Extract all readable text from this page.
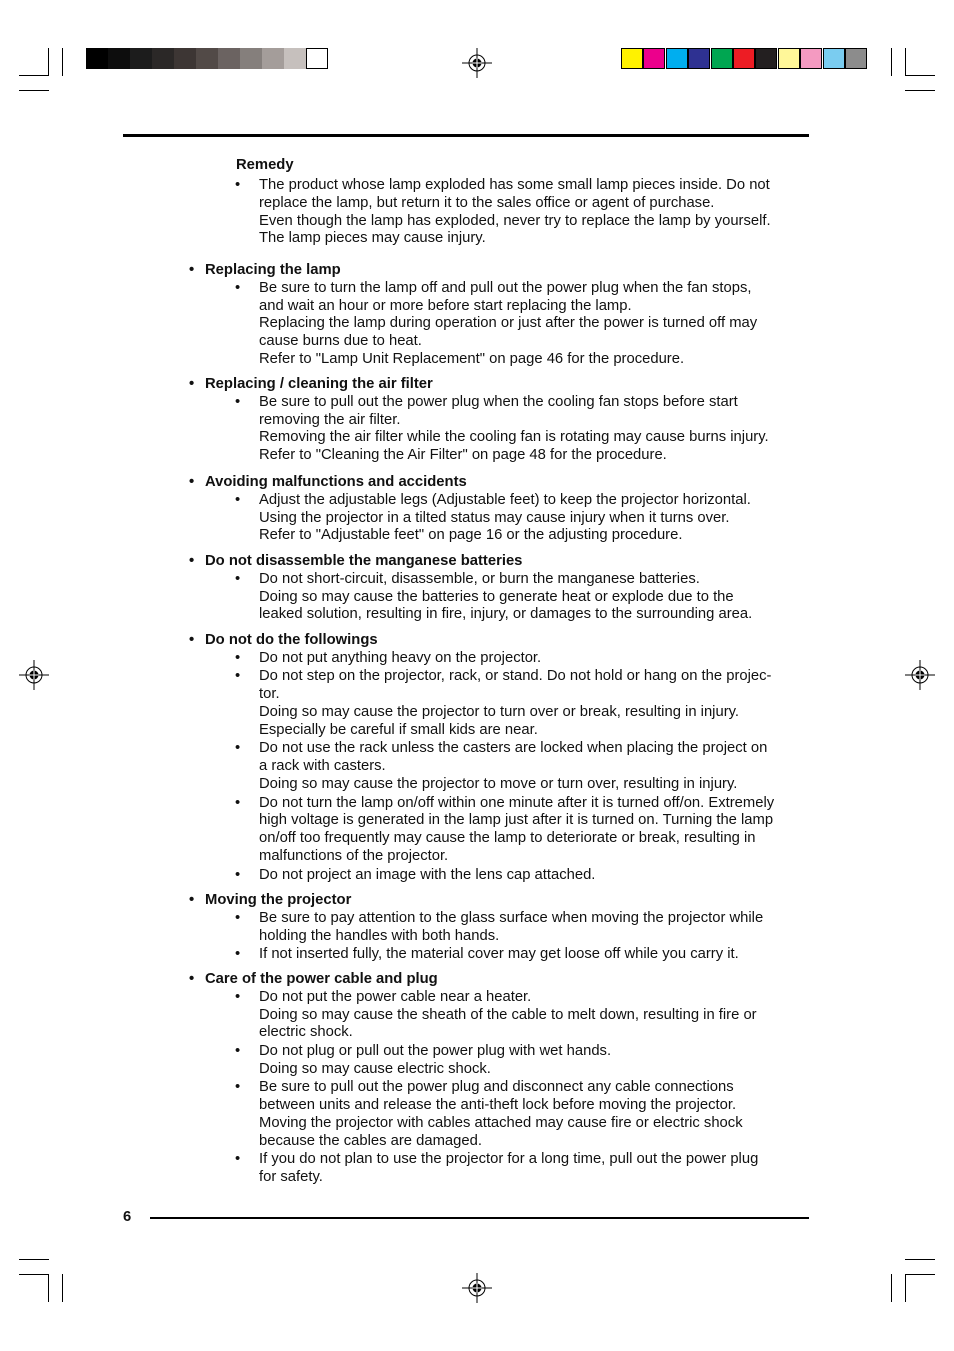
Remedy
• The product whose lamp exploded has some small lamp pieces inside. Do not

replace the lamp, but return it to the sales office or agent of purchase.

Even though the lamp has exploded, never try to replace the lamp by yourself.

The lamp pieces may cause injury.

• Replacing the lamp
• Be sure to turn the lamp off and pull out the power plug when the fan stops,

and wait an hour or more before start replacing the lamp.

Replacing the lamp during operation or just after the power is turned off may

cause burns due to heat.

Refer to "Lamp Unit Replacement" on page 46 for the procedure.

• Replacing / cleaning the air filter
• Be sure to pull out the power plug when the cooling fan stops before start

removing the air filter.

Removing the air filter while the cooling fan is rotating may cause burns injury.

Refer to "Cleaning the Air Filter" on page 48 for the procedure.

• Avoiding malfunctions and accidents
• Adjust the adjustable legs (Adjustable feet) to keep the projector horizontal.

Using the projector in a tilted status may cause injury when it turns over.

Refer to "Adjustable feet" on page 16 or the adjusting procedure.

• Do not disassemble the manganese batteries
• Do not short-circuit, disassemble, or burn the manganese batteries.

Doing so may cause the batteries to generate heat or explode due to the

leaked solution, resulting in fire, injury, or damages to the surrounding area.

• Do not do the followings
• Do not put anything heavy on the projector.

• Do not step on the projector, rack, or stand. Do not hold or hang on the projec-

tor.

Doing so may cause the projector to turn over or break, resulting in injury.

Especially be careful if small kids are near.

• Do not use the rack unless the casters are locked when placing the project on

a rack with casters.

Doing so may cause the projector to move or turn over, resulting in injury.

• Do not turn the lamp on/off within one minute after it is turned off/on. Extremely

high voltage is generated in the lamp just after it is turned on. Turning the lamp

on/off too frequently may cause the lamp to deteriorate or break, resulting in

malfunctions of the projector.

• Do not project an image with the lens cap attached.

• Moving the projector
• Be sure to pay attention to the glass surface when moving the projector while

holding the handles with both hands.

• If not inserted fully, the material cover may get loose off while you carry it.

• Care of the power cable and plug
• Do not put the power cable near a heater.

Doing so may cause the sheath of the cable to melt down, resulting in fire or

electric shock.

• Do not plug or pull out the power plug with wet hands.

Doing so may cause electric shock.

• Be sure to pull out the power plug and disconnect any cable connections

between units and release the anti-theft lock before moving the projector.

Moving the projector with cables attached may cause fire or electric shock

because the cables are damaged.

• If you do not plan to use the projector for a long time, pull out the power plug

for safety.

6
